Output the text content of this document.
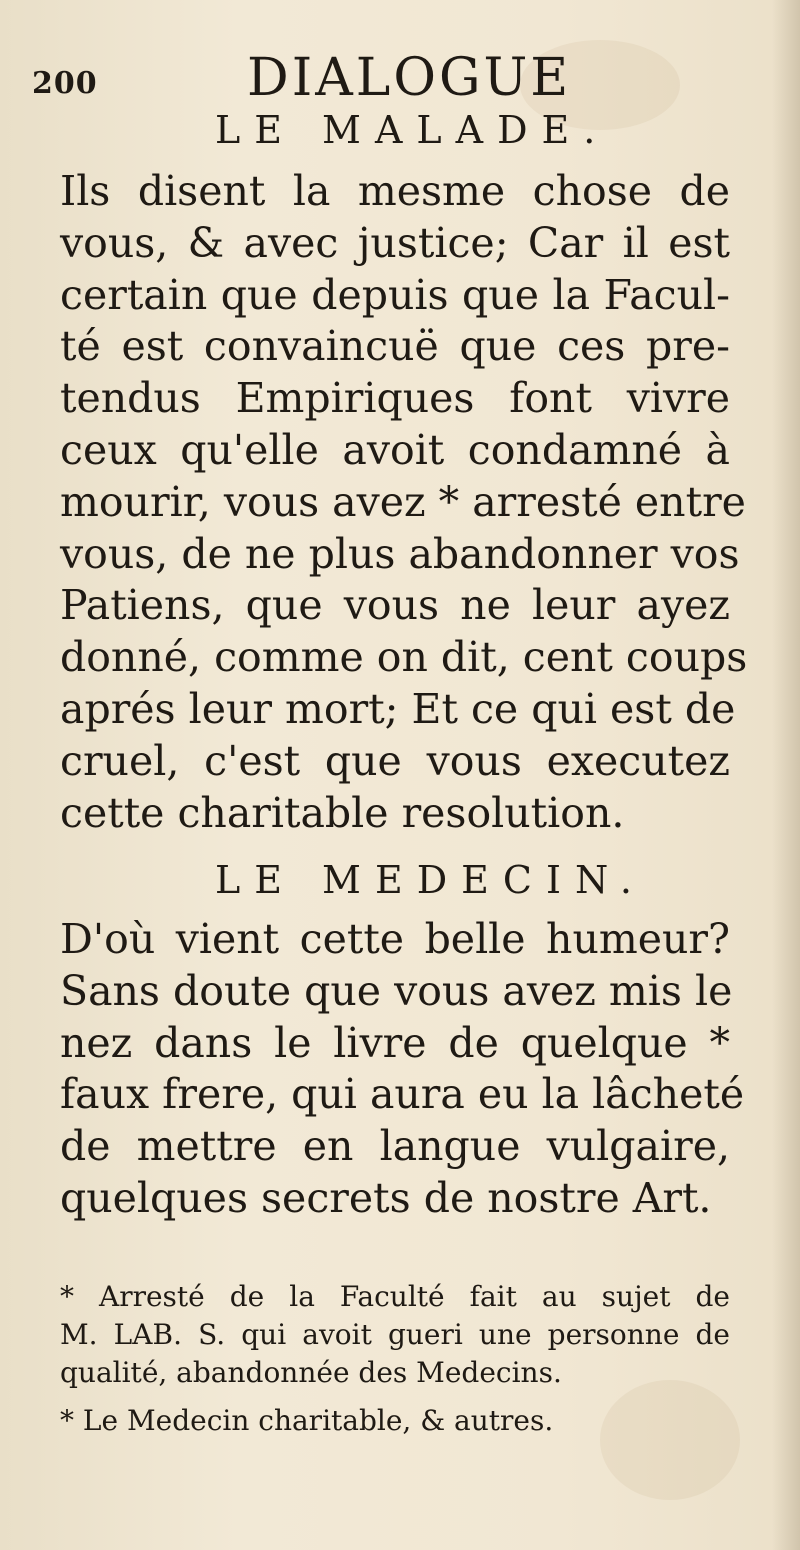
200	DIALOGUE
LE MALADE.
Ils disent la mesme chose de
vous, & avec justice; Car il est
certain que depuis que la Facul-
té est convaincuë que ces pre-
tendus Empiriques font vivre
ceux qu'elle avoit condamné à
mourir, vous avez * arresté entre
vous, de ne plus abandonner vos
Patiens, que vous ne leur ayez
donné, comme on dit, cent coups
aprés leur mort; Et ce qui est de
cruel, c'est que vous executez
cette charitable resolution.
LE MEDECIN.
D'où vient cette belle humeur?
Sans doute que vous avez mis le
nez dans le livre de quelque *
faux frere, qui aura eu la lâcheté
de mettre en langue vulgaire,
quelques secrets de nostre Art.
* Arresté de la Faculté fait au sujet de
M. LAB. S. qui avoit gueri une personne de
qualité, abandonnée des Medecins.
* Le Medecin charitable, & autres.
